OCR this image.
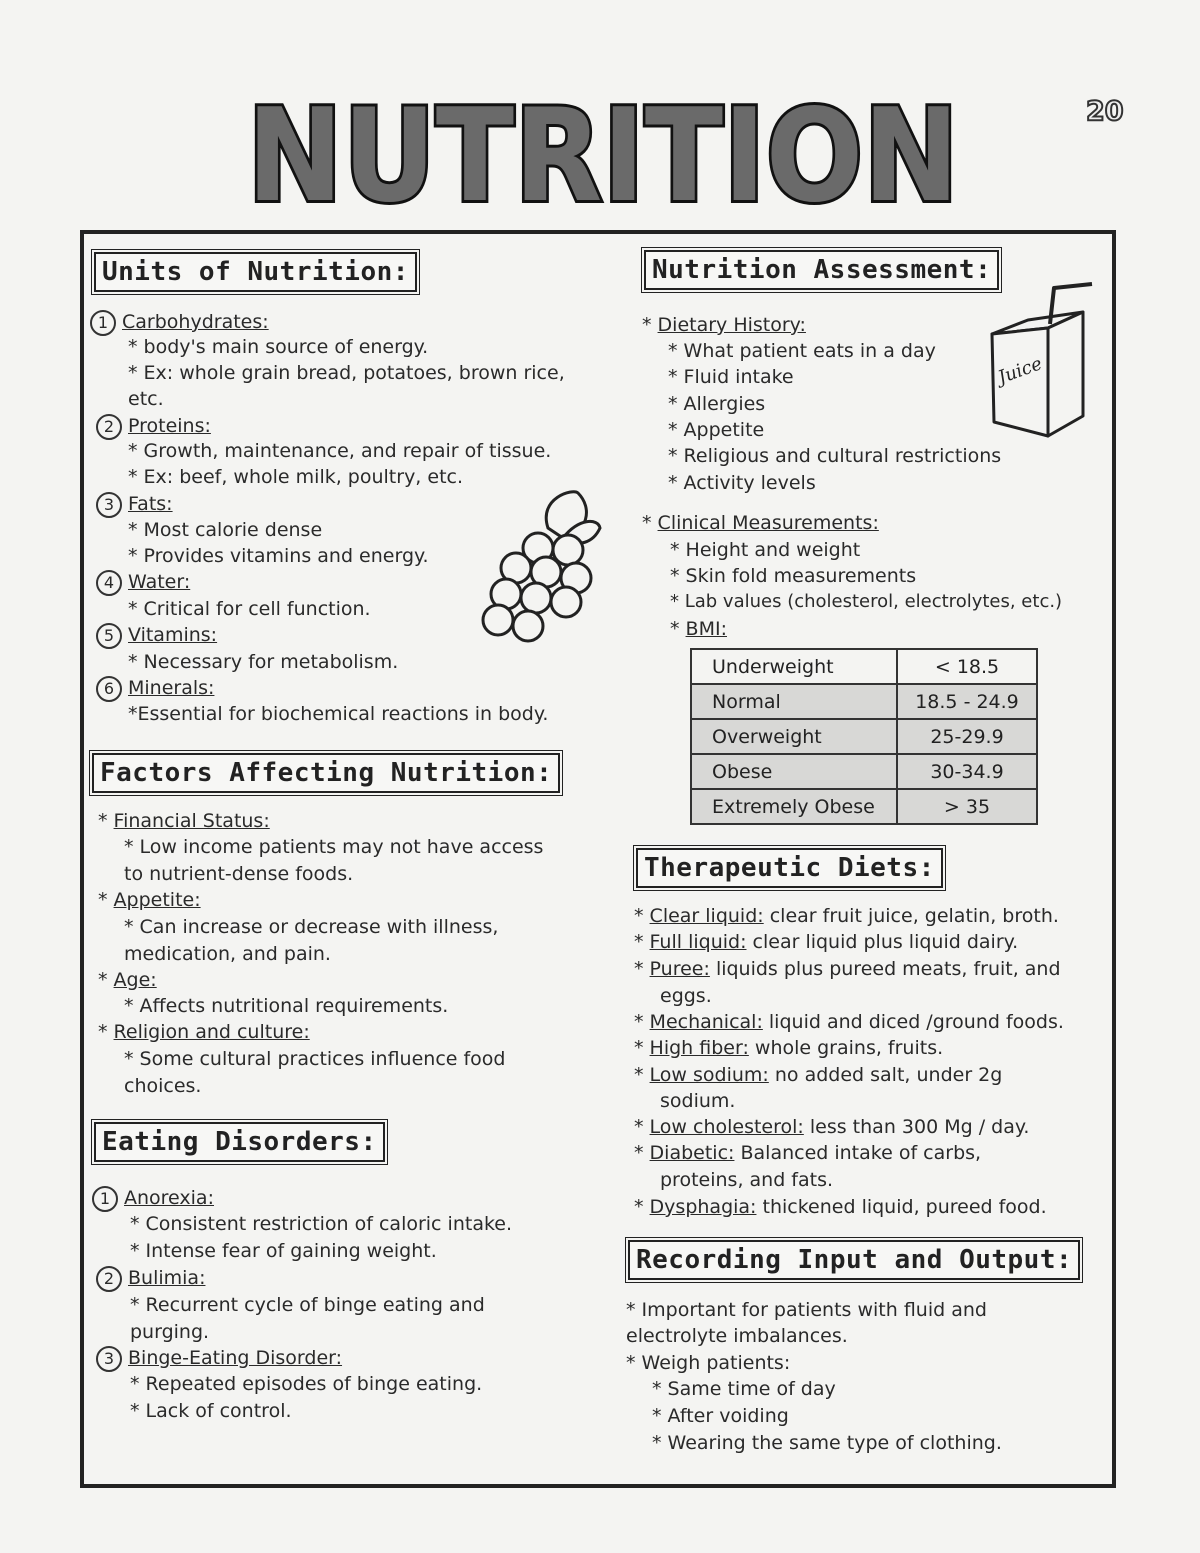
20
NUTRITION
Units of Nutrition:
1 Carbohydrates:
* body's main source of energy.
* Ex: whole grain bread, potatoes, brown rice,
etc.
2 Proteins:
* Growth, maintenance, and repair of tissue.
* Ex: beef, whole milk, poultry, etc.
3 Fats:
* Most calorie dense
* Provides vitamins and energy.
4 Water:
* Critical for cell function.
5 Vitamins:
* Necessary for metabolism.
6 Minerals:
*Essential for biochemical reactions in body.
Factors Affecting Nutrition:
* Financial Status:
* Low income patients may not have access
to nutrient-dense foods.
* Appetite:
* Can increase or decrease with illness,
medication, and pain.
* Age:
* Affects nutritional requirements.
* Religion and culture:
* Some cultural practices influence food
choices.
Eating Disorders:
1 Anorexia:
* Consistent restriction of caloric intake.
* Intense fear of gaining weight.
2 Bulimia:
* Recurrent cycle of binge eating and
purging.
3 Binge-Eating Disorder:
* Repeated episodes of binge eating.
* Lack of control.
Nutrition Assessment:
* Dietary History:
* What patient eats in a day
* Fluid intake
* Allergies
* Appetite
* Religious and cultural restrictions
* Activity levels
Juice
* Clinical Measurements:
* Height and weight
* Skin fold measurements
* Lab values (cholesterol, electrolytes, etc.)
* BMI:
Underweight	< 18.5
Normal	18.5 - 24.9
Overweight	25-29.9
Obese	30-34.9
Extremely Obese	> 35
Therapeutic Diets:
* Clear liquid: clear fruit juice, gelatin, broth.
* Full liquid: clear liquid plus liquid dairy.
* Puree: liquids plus pureed meats, fruit, and
eggs.
* Mechanical: liquid and diced /ground foods.
* High fiber: whole grains, fruits.
* Low sodium: no added salt, under 2g
sodium.
* Low cholesterol: less than 300 Mg / day.
* Diabetic: Balanced intake of carbs,
proteins, and fats.
* Dysphagia: thickened liquid, pureed food.
Recording Input and Output:
* Important for patients with fluid and
electrolyte imbalances.
* Weigh patients:
* Same time of day
* After voiding
* Wearing the same type of clothing.
